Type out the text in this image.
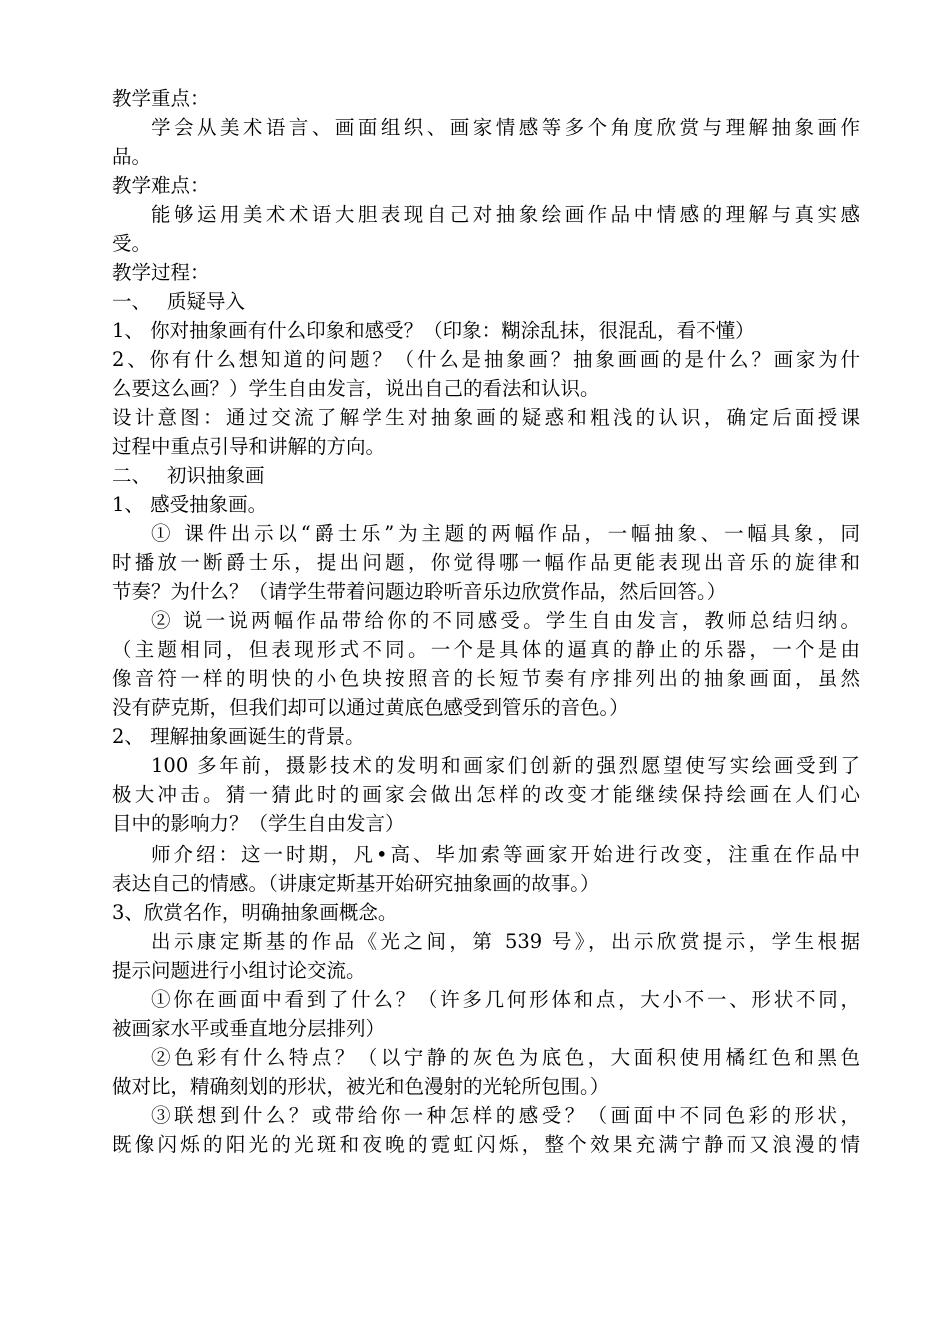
教学重点：

学会从美术语言、画面组织、画家情感等多个角度欣赏与理解抽象画作

品。

教学难点：

能够运用美术术语大胆表现自己对抽象绘画作品中情感的理解与真实感

受。

教学过程：

一、　 质疑导入

1、 你对抽象画有什么印象和感受？（印象：糊涂乱抹，很混乱，看不懂）

2、你有什么想知道的问题？（什么是抽象画？抽象画画的是什么？画家为什

么要这么画？）学生自由发言，说出自己的看法和认识。

设计意图：通过交流了解学生对抽象画的疑惑和粗浅的认识，确定后面授课

过程中重点引导和讲解的方向。

二、　 初识抽象画

1、 感受抽象画。

① 课件出示以“爵士乐”为主题的两幅作品，一幅抽象、一幅具象，同

时播放一断爵士乐，提出问题，你觉得哪一幅作品更能表现出音乐的旋律和

节奏？为什么？（请学生带着问题边聆听音乐边欣赏作品，然后回答。）

② 说一说两幅作品带给你的不同感受。学生自由发言，教师总结归纳。

（主题相同，但表现形式不同。一个是具体的逼真的静止的乐器，一个是由

像音符一样的明快的小色块按照音的长短节奏有序排列出的抽象画面，虽然

没有萨克斯，但我们却可以通过黄底色感受到管乐的音色。）

2、 理解抽象画诞生的背景。

100 多年前，摄影技术的发明和画家们创新的强烈愿望使写实绘画受到了

极大冲击。猜一猜此时的画家会做出怎样的改变才能继续保持绘画在人们心

目中的影响力？（学生自由发言）

师介绍：这一时期，凡•高、毕加索等画家开始进行改变，注重在作品中

表达自己的情感。（讲康定斯基开始研究抽象画的故事。）

3、欣赏名作，明确抽象画概念。

出示康定斯基的作品《光之间，第 539 号》，出示欣赏提示，学生根据

提示问题进行小组讨论交流。

①你在画面中看到了什么？（许多几何形体和点，大小不一、形状不同，

被画家水平或垂直地分层排列）

②色彩有什么特点？（以宁静的灰色为底色，大面积使用橘红色和黑色

做对比，精确刻划的形状，被光和色漫射的光轮所包围。）

③联想到什么？或带给你一种怎样的感受？（画面中不同色彩的形状，

既像闪烁的阳光的光斑和夜晚的霓虹闪烁，整个效果充满宁静而又浪漫的情
